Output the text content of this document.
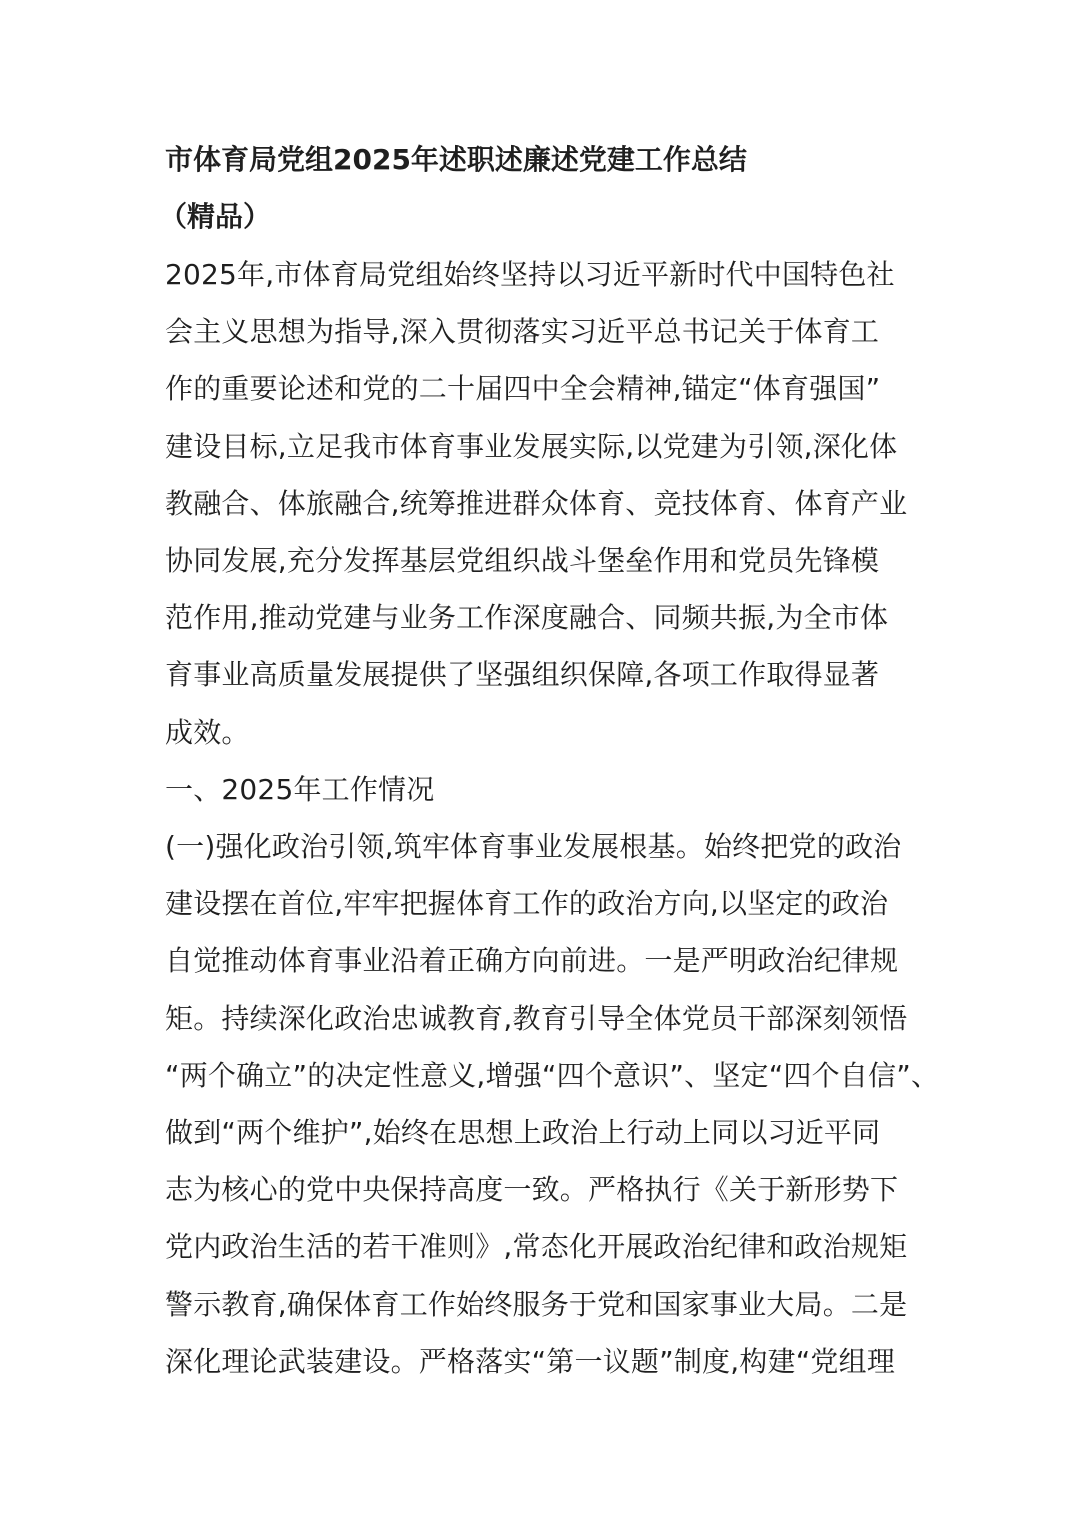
市体育局党组2025年述职述廉述党建工作总结
（精品）
2025年,市体育局党组始终坚持以习近平新时代中国特色社
会主义思想为指导,深入贯彻落实习近平总书记关于体育工
作的重要论述和党的二十届四中全会精神,锚定“体育强国”
建设目标,立足我市体育事业发展实际,以党建为引领,深化体
教融合、体旅融合,统筹推进群众体育、竞技体育、体育产业
协同发展,充分发挥基层党组织战斗堡垒作用和党员先锋模
范作用,推动党建与业务工作深度融合、同频共振,为全市体
育事业高质量发展提供了坚强组织保障,各项工作取得显著
成效。
一、2025年工作情况
(一)强化政治引领,筑牢体育事业发展根基。始终把党的政治
建设摆在首位,牢牢把握体育工作的政治方向,以坚定的政治
自觉推动体育事业沿着正确方向前进。一是严明政治纪律规
矩。持续深化政治忠诚教育,教育引导全体党员干部深刻领悟
“两个确立”的决定性意义,增强“四个意识”、坚定“四个自信”、
做到“两个维护”,始终在思想上政治上行动上同以习近平同
志为核心的党中央保持高度一致。严格执行《关于新形势下
党内政治生活的若干准则》,常态化开展政治纪律和政治规矩
警示教育,确保体育工作始终服务于党和国家事业大局。二是
深化理论武装建设。严格落实“第一议题”制度,构建“党组理
